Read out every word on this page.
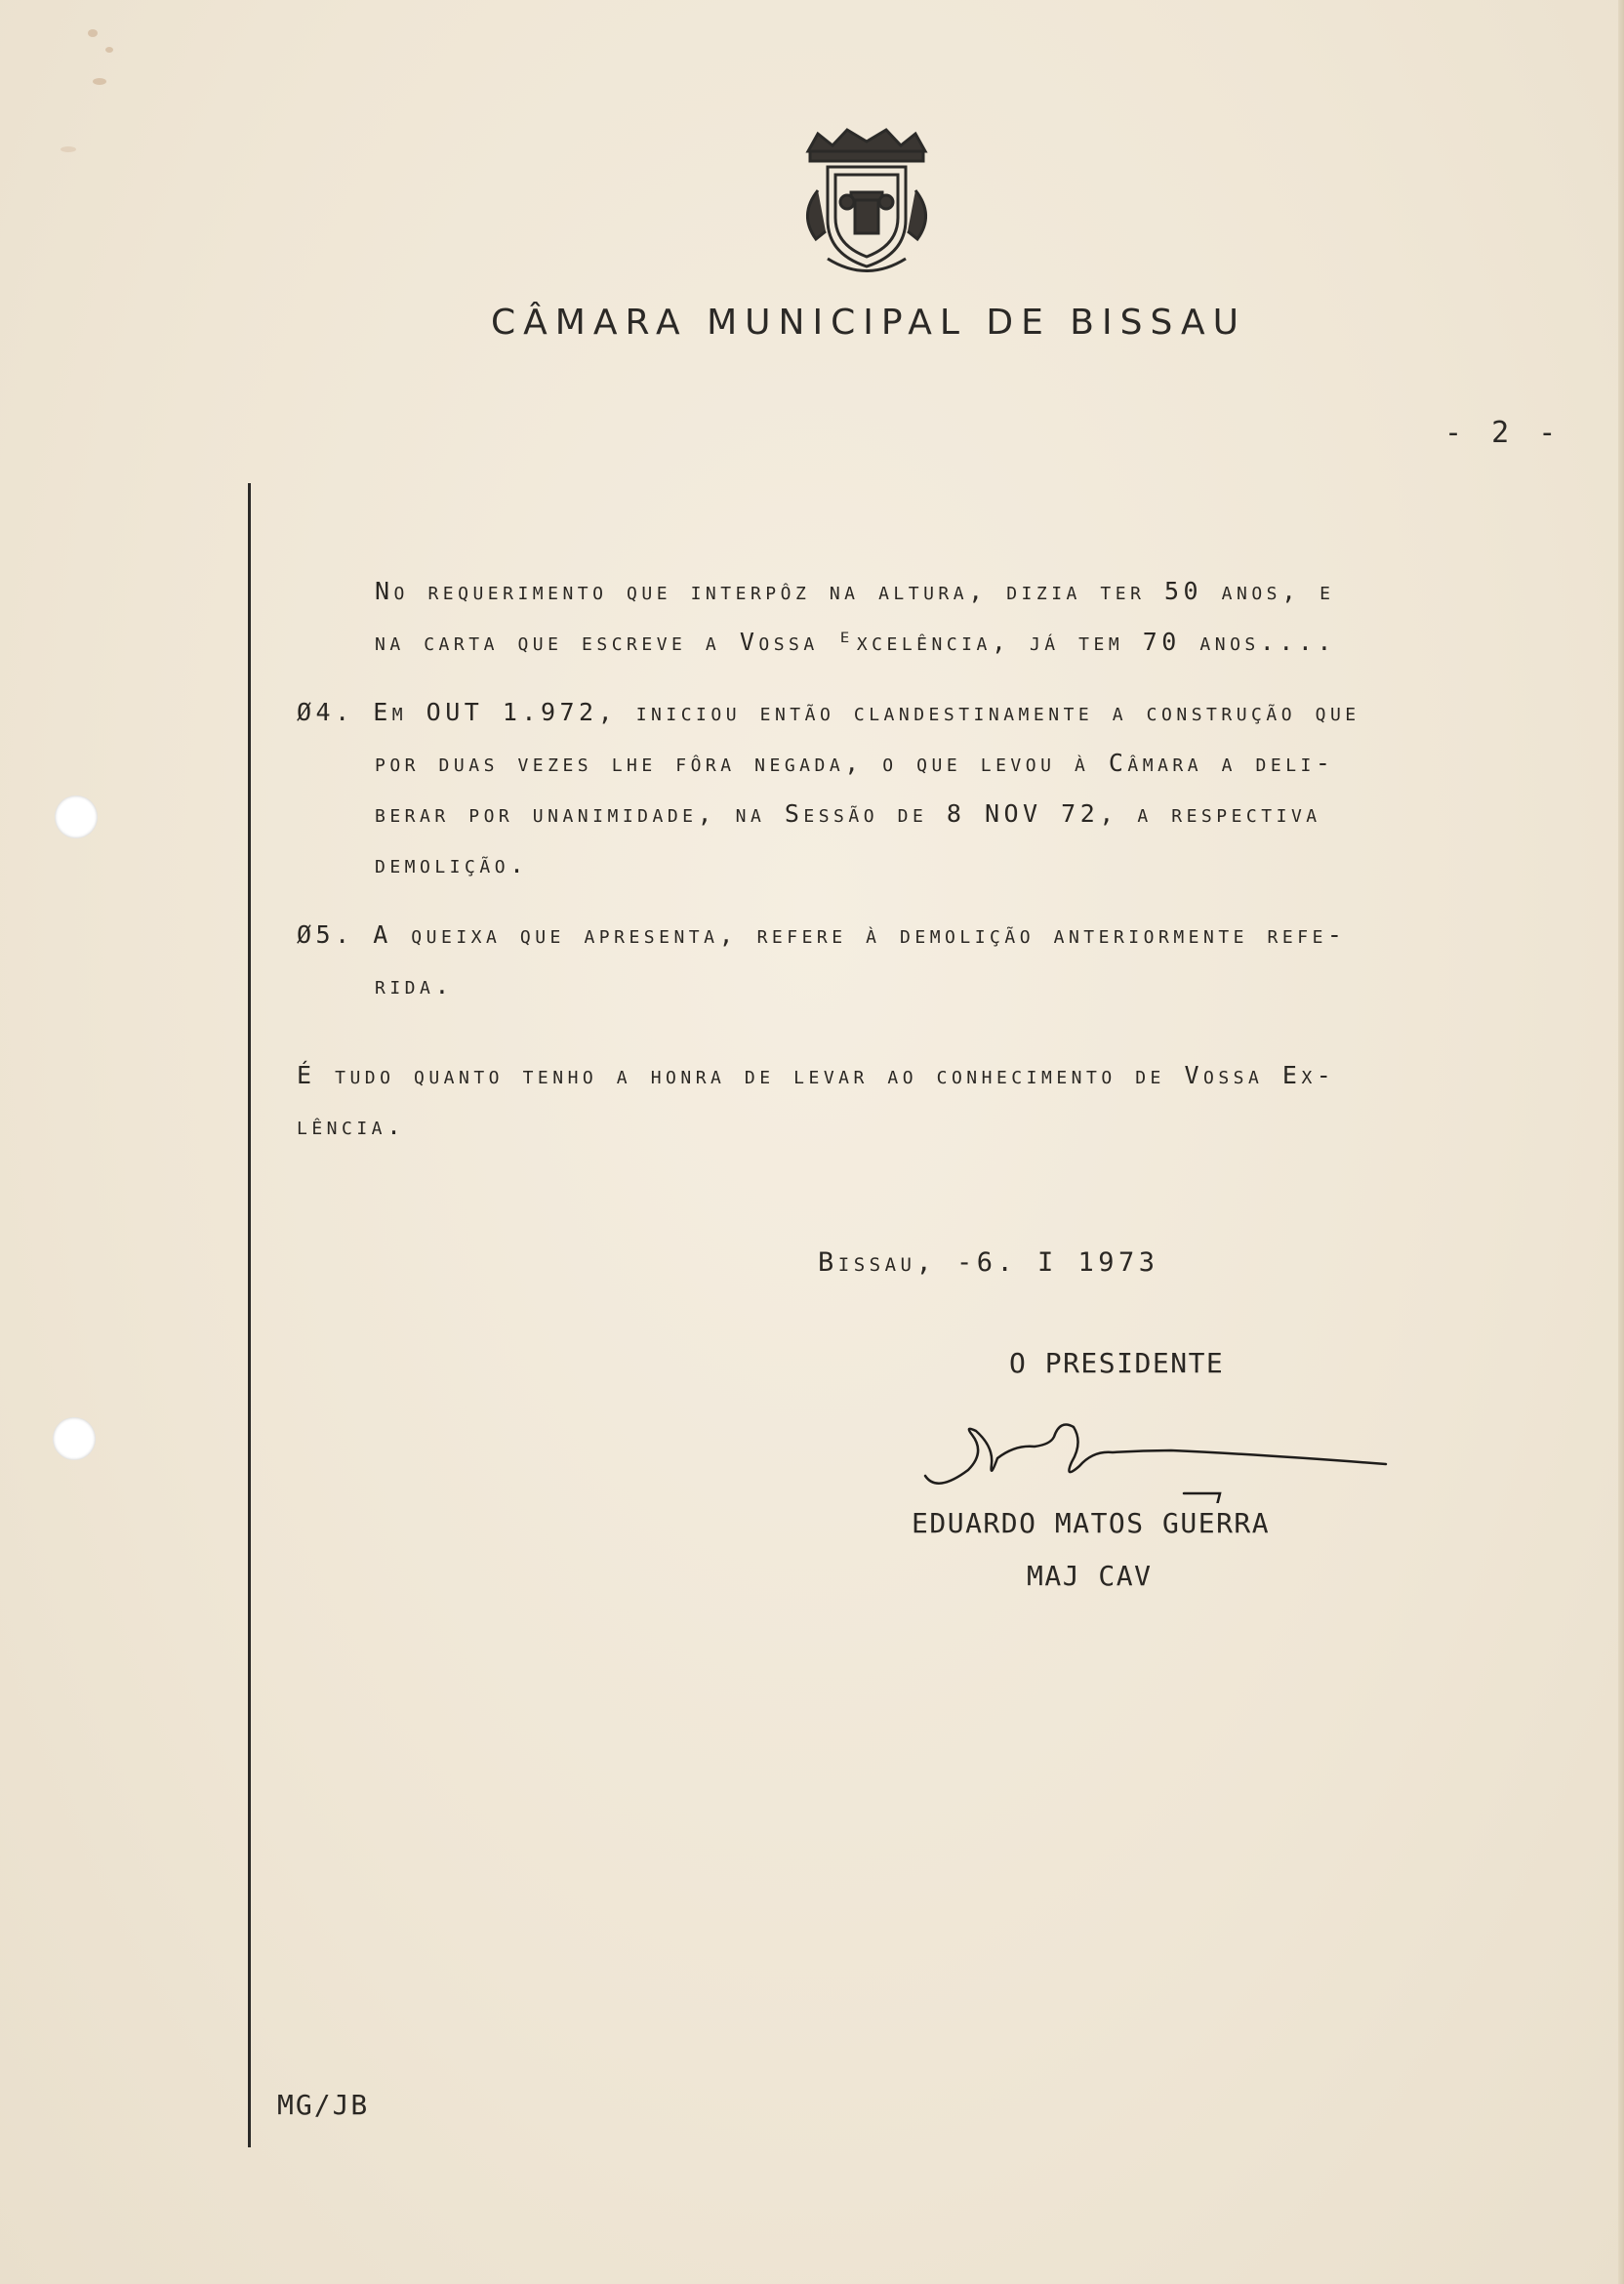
CÂMARA MUNICIPAL DE BISSAU
- 2 -
No requerimento que interpôz na altura, dizia ter 50 anos, e
na carta que escreve a Vossa ᴱxcelência, já tem 70 anos....
Ø4. Em OUT 1.972, iniciou então clandestinamente a construção que
por duas vezes lhe fôra negada, o que levou à Câmara a deli-
berar por unanimidade, na Sessão de 8 NOV 72, a respectiva
demolição.
Ø5. A queixa que apresenta, refere à demolição anteriormente refe-
rida.
É tudo quanto tenho a honra de levar ao conhecimento de Vossa Ex-
lência.
Bissau, -6. I 1973
O PRESIDENTE
EDUARDO MATOS GUERRA
MAJ CAV
MG/JB
